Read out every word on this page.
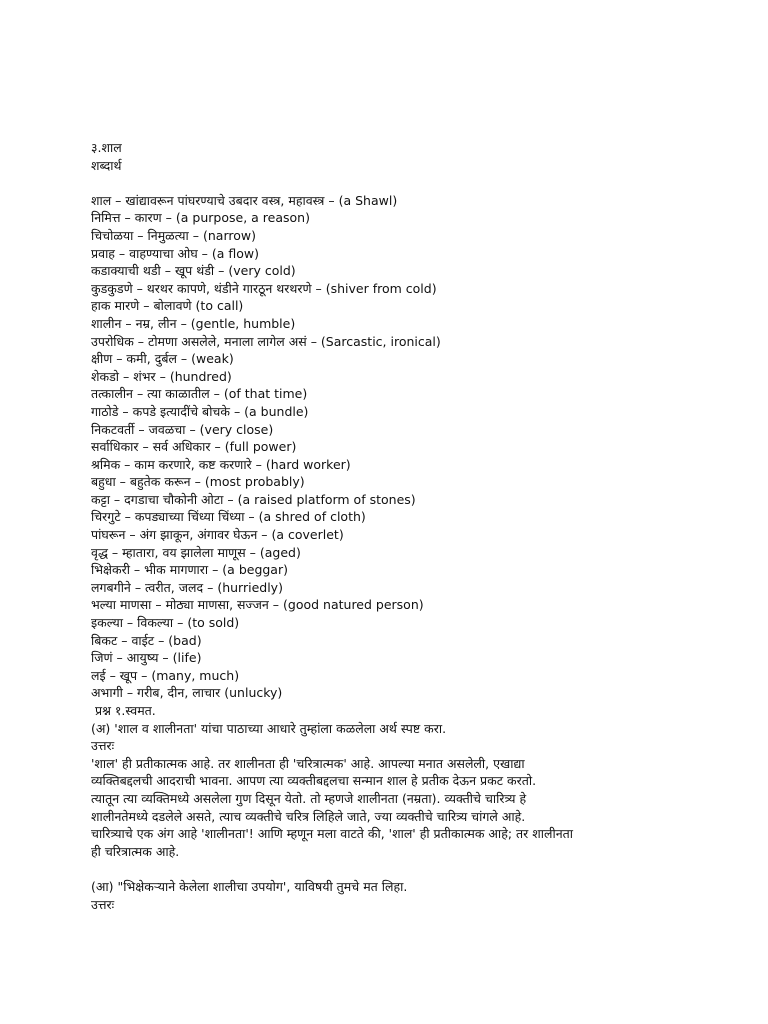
३.शाल
शब्दार्थ
शाल – खांद्यावरून पांघरण्याचे उबदार वस्त्र, महावस्त्र – (a Shawl)
निमित्त – कारण – (a purpose, a reason)
चिचोळया – निमुळत्या – (narrow)
प्रवाह – वाहण्याचा ओघ – (a flow)
कडाक्याची थडी – खूप थंडी – (very cold)
कुडकुडणे – थरथर कापणे, थंडीने गारठून थरथरणे – (shiver from cold)
हाक मारणे – बोलावणे (to call)
शालीन – नम्र, लीन – (gentle, humble)
उपरोधिक – टोमणा असलेले, मनाला लागेल असं – (Sarcastic, ironical)
क्षीण – कमी, दुर्बल – (weak)
शेकडो – शंभर – (hundred)
तत्कालीन – त्या काळातील – (of that time)
गाठोडे – कपडे इत्यादींचे बोचके – (a bundle)
निकटवर्ती – जवळचा – (very close)
सर्वाधिकार – सर्व अधिकार – (full power)
श्रमिक – काम करणारे, कष्ट करणारे – (hard worker)
बहुधा – बहुतेक करून – (most probably)
कट्टा – दगडाचा चौकोनी ओटा – (a raised platform of stones)
चिरगुटे – कपड्याच्या चिंध्या चिंध्या – (a shred of cloth)
पांघरून – अंग झाकून, अंगावर घेऊन – (a coverlet)
वृद्ध – म्हातारा, वय झालेला माणूस – (aged)
भिक्षेकरी – भीक मागणारा – (a beggar)
लगबगीने – त्वरीत, जलद – (hurriedly)
भल्या माणसा – मोठ्या माणसा, सज्जन – (good natured person)
इकल्या – विकल्या – (to sold)
बिकट – वाईट – (bad)
जिणं – आयुष्य – (life)
लई – खूप – (many, much)
अभागी – गरीब, दीन, लाचार (unlucky)
प्रश्न १.स्वमत.
(अ) 'शाल व शालीनता' यांचा पाठाच्या आधारे तुम्हांला कळलेला अर्थ स्पष्ट करा.
उत्तरः
'शाल' ही प्रतीकात्मक आहे. तर शालीनता ही 'चरित्रात्मक' आहे. आपल्या मनात असलेली, एखाद्या
व्यक्तिबद्दलची आदराची भावना. आपण त्या व्यक्तीबद्दलचा सन्मान शाल हे प्रतीक देऊन प्रकट करतो.
त्यातून त्या व्यक्तिमध्ये असलेला गुण दिसून येतो. तो म्हणजे शालीनता (नम्रता). व्यक्तीचे चारित्र्य हे
शालीनतेमध्ये दडलेले असते, त्याच व्यक्तीचे चरित्र लिहिले जाते, ज्या व्यक्तीचे चारित्र्य चांगले आहे.
चारित्र्याचे एक अंग आहे 'शालीनता'! आणि म्हणून मला वाटते की, 'शाल' ही प्रतीकात्मक आहे; तर शालीनता
ही चरित्रात्मक आहे.
(आ) "भिक्षेकऱ्याने केलेला शालीचा उपयोग', याविषयी तुमचे मत लिहा.
उत्तरः
